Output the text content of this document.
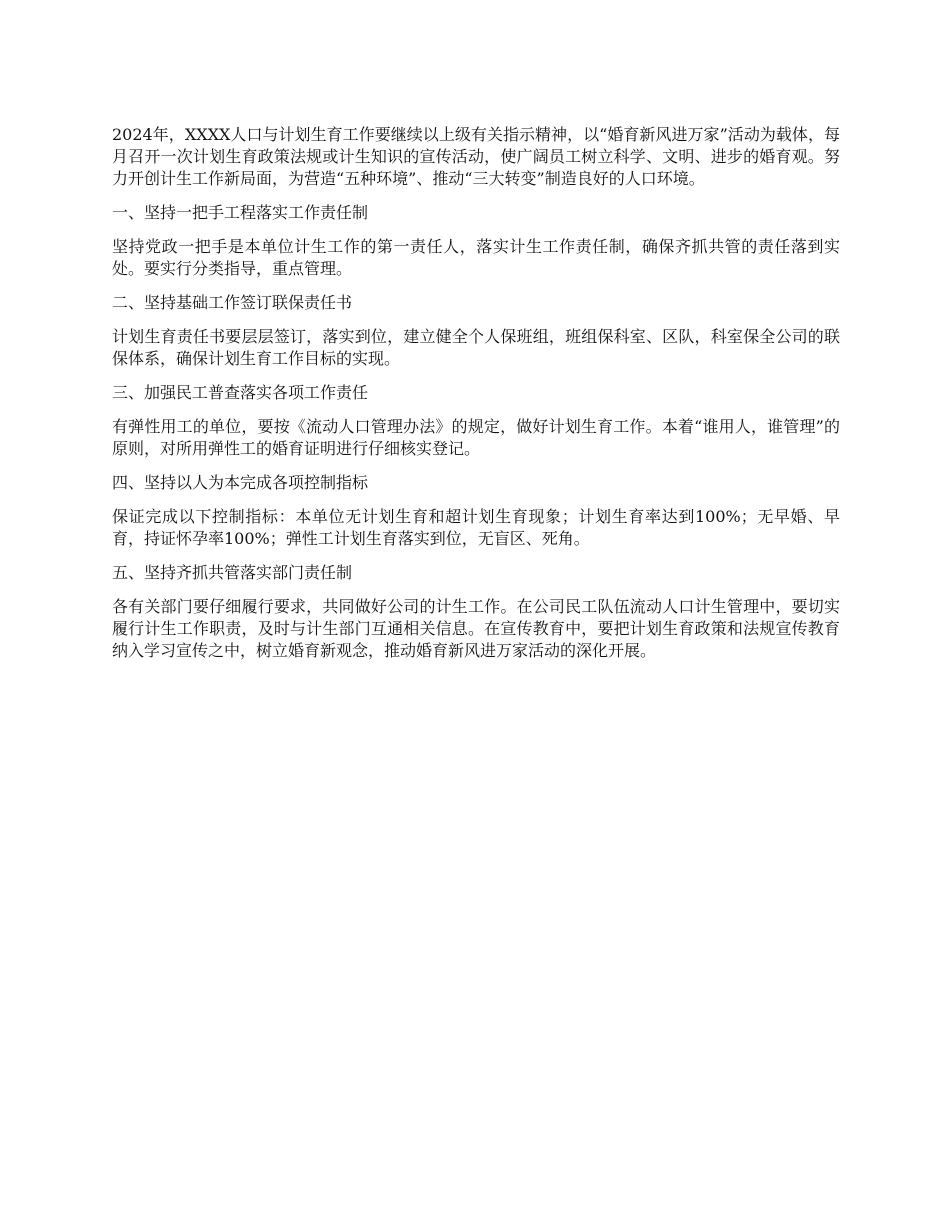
2024年，XXXX人口与计划生育工作要继续以上级有关指示精神，以“婚育新风进万家”活动为载体，每月召开一次计划生育政策法规或计生知识的宣传活动，使广阔员工树立科学、文明、进步的婚育观。努力开创计生工作新局面，为营造“五种环境”、推动“三大转变”制造良好的人口环境。

一、坚持一把手工程落实工作责任制

坚持党政一把手是本单位计生工作的第一责任人，落实计生工作责任制，确保齐抓共管的责任落到实处。要实行分类指导，重点管理。

二、坚持基础工作签订联保责任书

计划生育责任书要层层签订，落实到位，建立健全个人保班组，班组保科室、区队，科室保全公司的联保体系，确保计划生育工作目标的实现。

三、加强民工普查落实各项工作责任

有弹性用工的单位，要按《流动人口管理办法》的规定，做好计划生育工作。本着“谁用人，谁管理”的原则，对所用弹性工的婚育证明进行仔细核实登记。

四、坚持以人为本完成各项控制指标

保证完成以下控制指标：本单位无计划生育和超计划生育现象；计划生育率达到100%；无早婚、早育，持证怀孕率100%；弹性工计划生育落实到位，无盲区、死角。

五、坚持齐抓共管落实部门责任制

各有关部门要仔细履行要求，共同做好公司的计生工作。在公司民工队伍流动人口计生管理中，要切实履行计生工作职责，及时与计生部门互通相关信息。在宣传教育中，要把计划生育政策和法规宣传教育纳入学习宣传之中，树立婚育新观念，推动婚育新风进万家活动的深化开展。
